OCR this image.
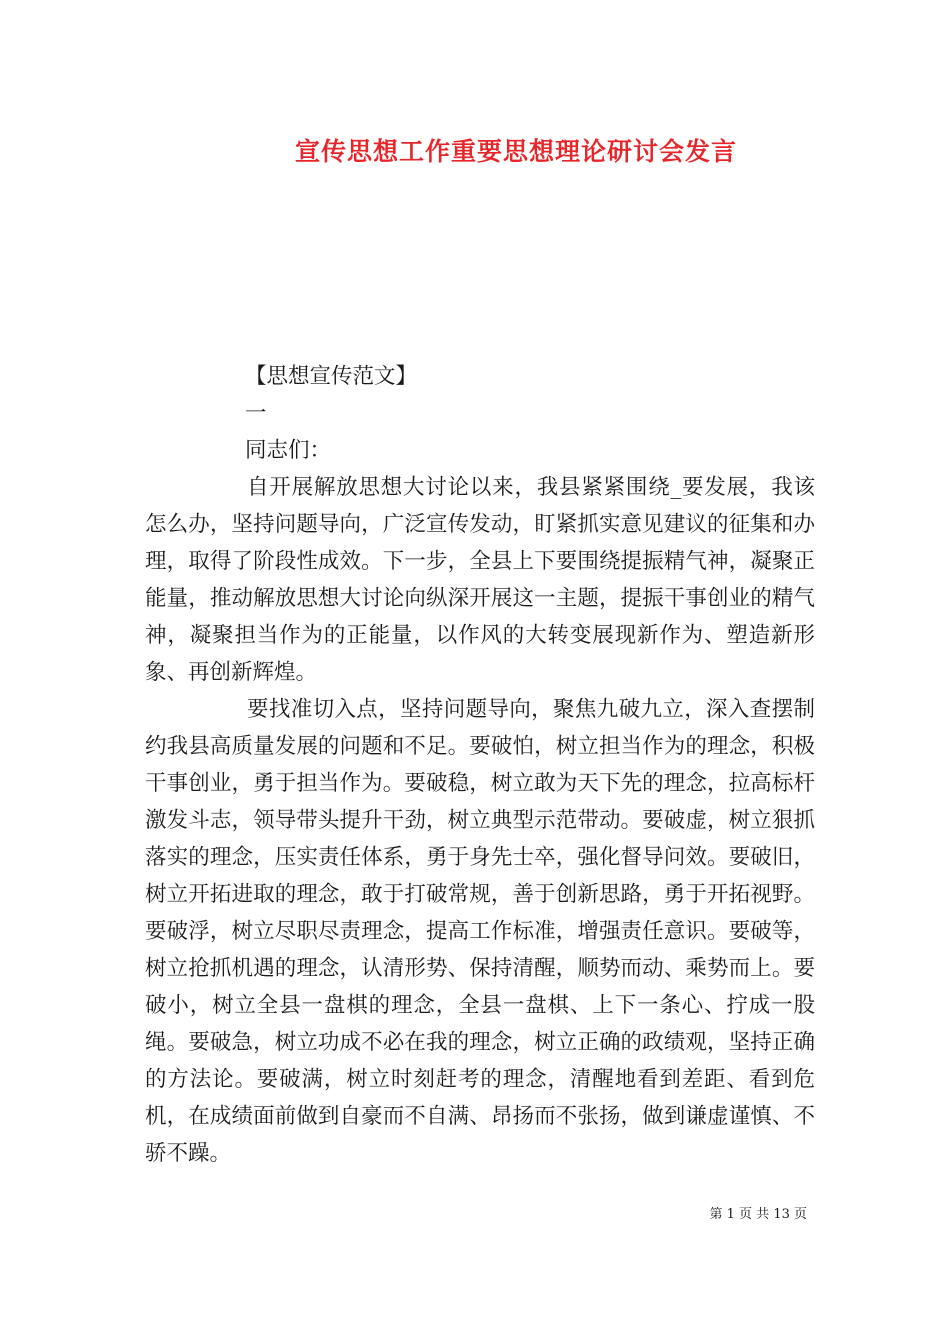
宣传思想工作重要思想理论研讨会发言

【思想宣传范文】

一

同志们：

自开展解放思想大讨论以来，我县紧紧围绕_要发展，我该怎么办，坚持问题导向，广泛宣传发动，盯紧抓实意见建议的征集和办理，取得了阶段性成效。下一步，全县上下要围绕提振精气神，凝聚正能量，推动解放思想大讨论向纵深开展这一主题，提振干事创业的精气神，凝聚担当作为的正能量，以作风的大转变展现新作为、塑造新形象、再创新辉煌。

要找准切入点，坚持问题导向，聚焦九破九立，深入查摆制约我县高质量发展的问题和不足。要破怕，树立担当作为的理念，积极干事创业，勇于担当作为。要破稳，树立敢为天下先的理念，拉高标杆激发斗志，领导带头提升干劲，树立典型示范带动。要破虚，树立狠抓落实的理念，压实责任体系，勇于身先士卒，强化督导问效。要破旧，树立开拓进取的理念，敢于打破常规，善于创新思路，勇于开拓视野。要破浮，树立尽职尽责理念，提高工作标准，增强责任意识。要破等，树立抢抓机遇的理念，认清形势、保持清醒，顺势而动、乘势而上。要破小，树立全县一盘棋的理念，全县一盘棋、上下一条心、拧成一股绳。要破急，树立功成不必在我的理念，树立正确的政绩观，坚持正确的方法论。要破满，树立时刻赶考的理念，清醒地看到差距、看到危机，在成绩面前做到自豪而不自满、昂扬而不张扬，做到谦虚谨慎、不骄不躁。

第 1 页 共 13 页
